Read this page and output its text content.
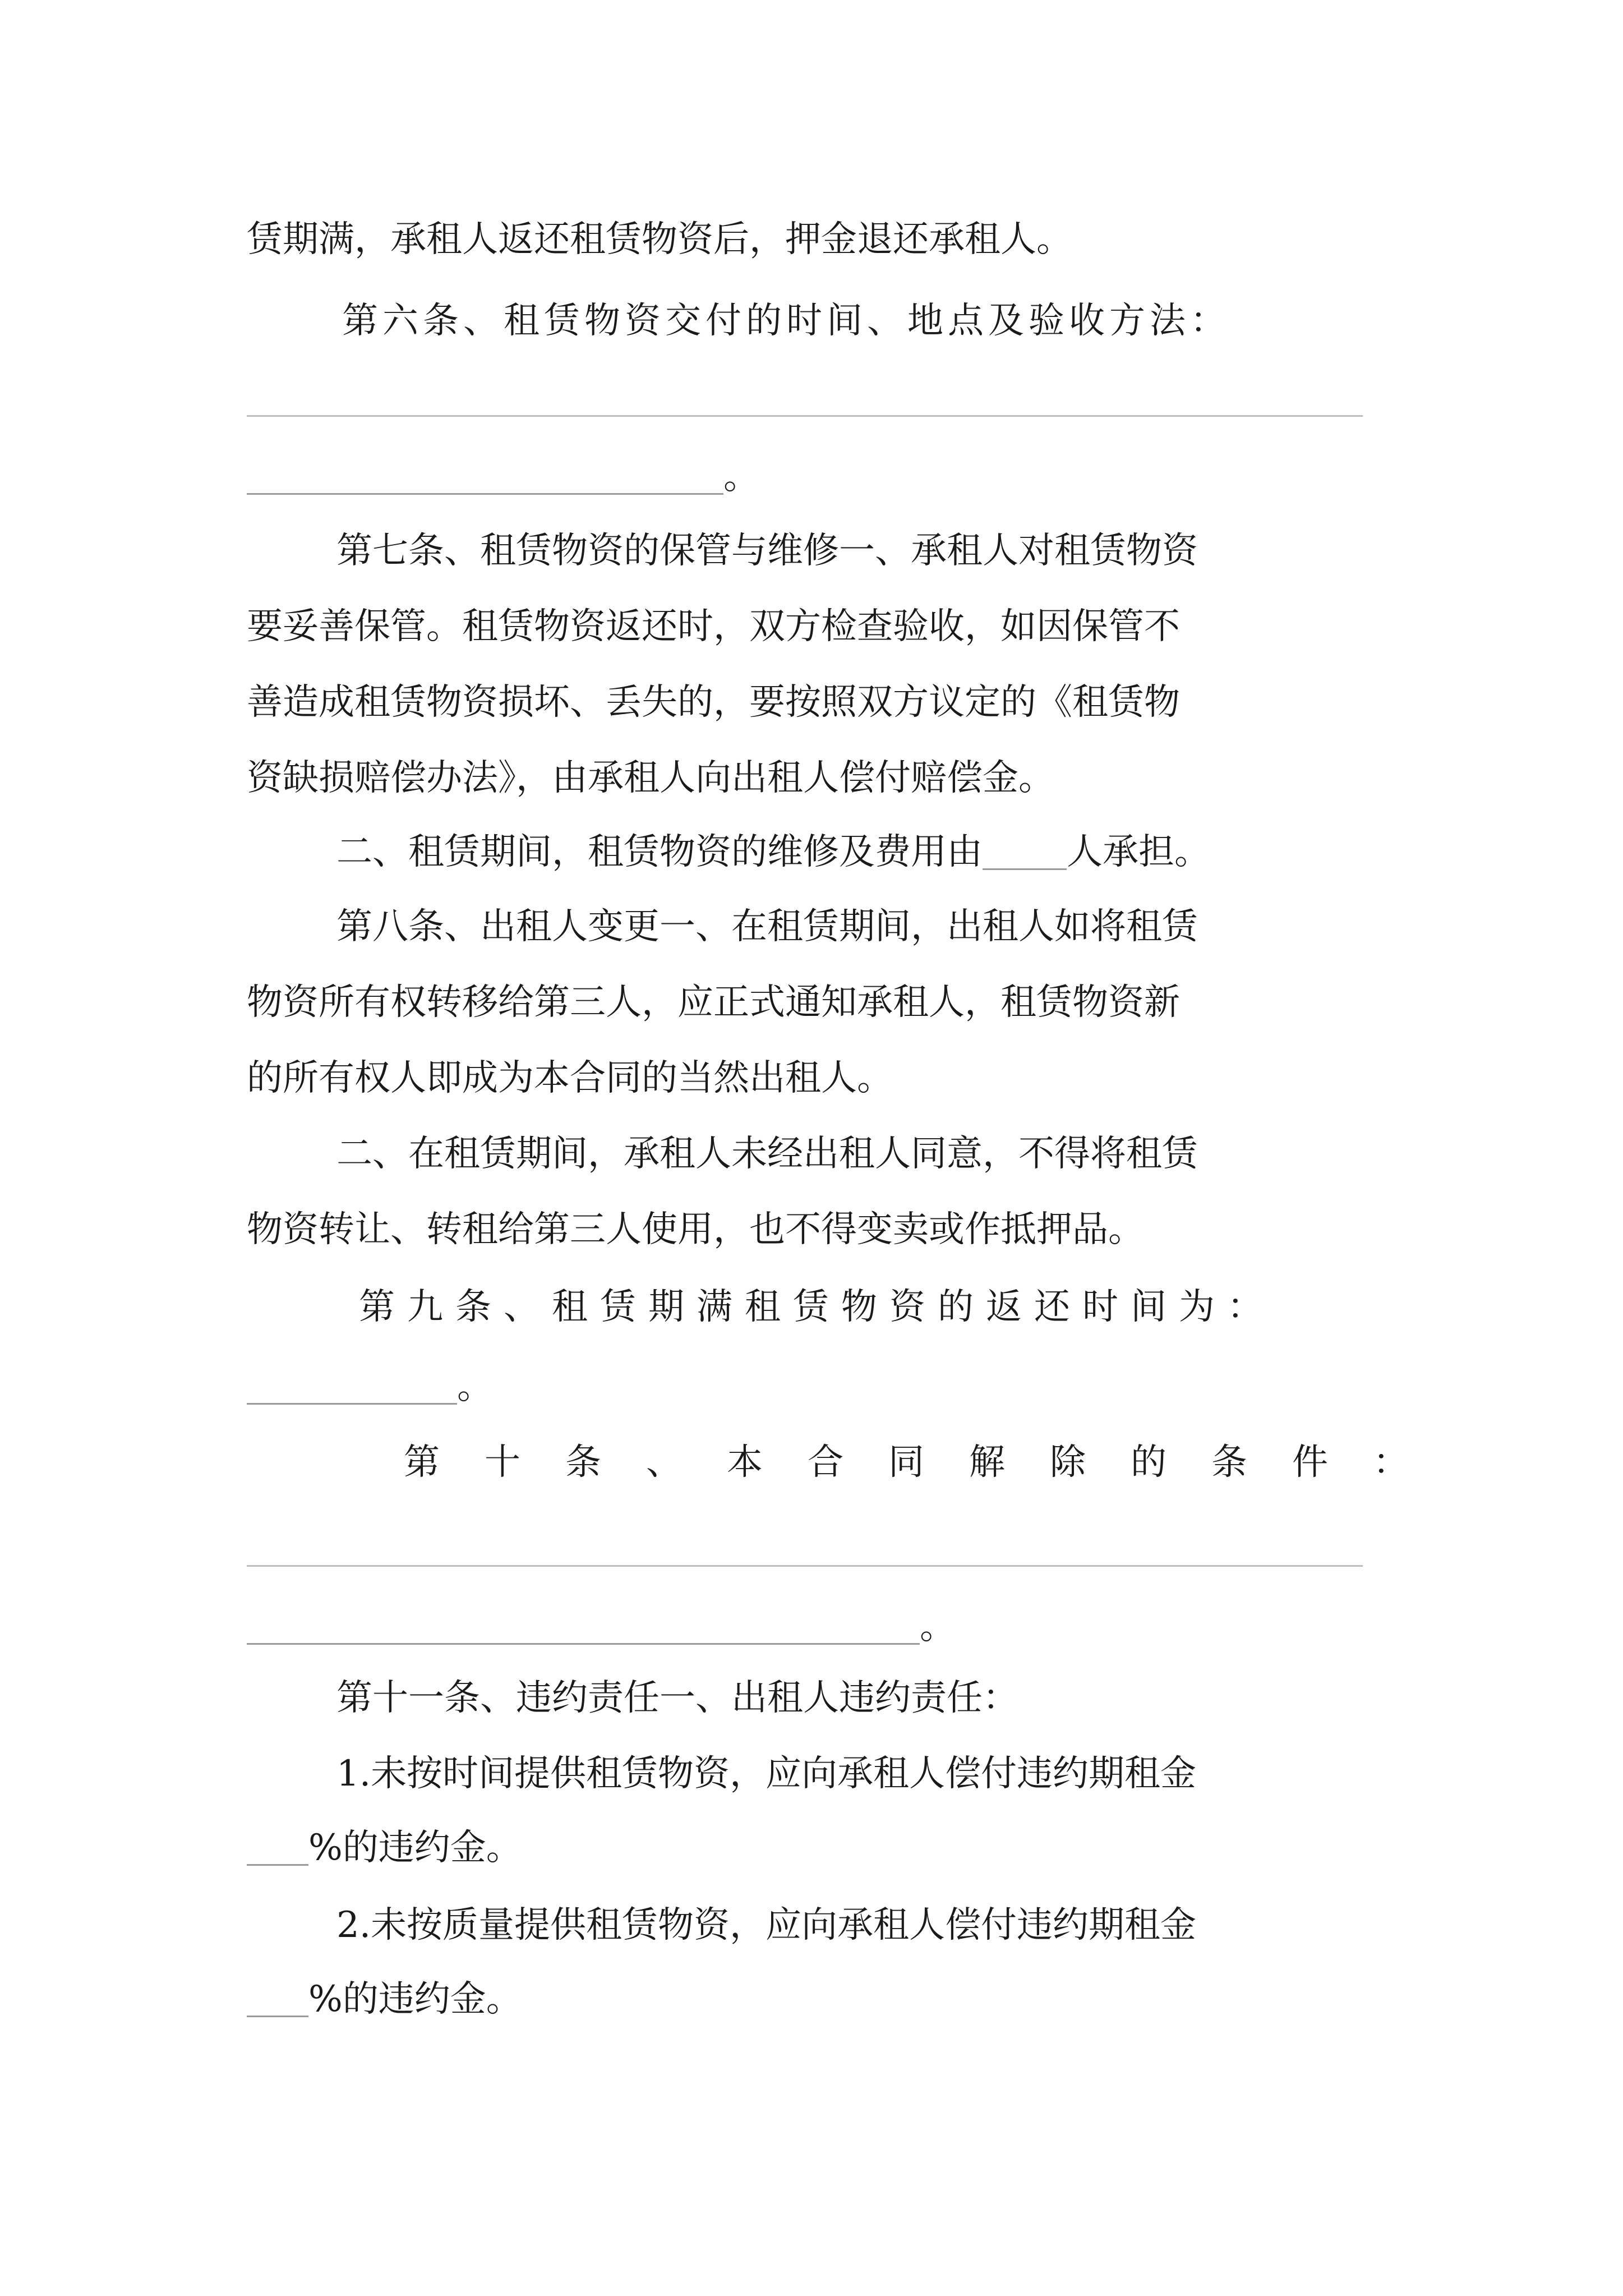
赁期满，承租人返还租赁物资后，押金退还承租人。
第六条、租赁物资交付的时间、地点及验收方法：
。
第七条、租赁物资的保管与维修一、承租人对租赁物资
要妥善保管。租赁物资返还时，双方检查验收，如因保管不
善造成租赁物资损坏、丢失的，要按照双方议定的《租赁物
资缺损赔偿办法》，由承租人向出租人偿付赔偿金。
二、租赁期间，租赁物资的维修及费用由 人承担。
第八条、出租人变更一、在租赁期间，出租人如将租赁
物资所有权转移给第三人，应正式通知承租人，租赁物资新
的所有权人即成为本合同的当然出租人。
二、在租赁期间，承租人未经出租人同意，不得将租赁
物资转让、转租给第三人使用，也不得变卖或作抵押品。
第九条、租赁期满租赁物资的返还时间为：
。
第十条、本合同解除的条件：
。
第十一条、违约责任一、出租人违约责任：
1.未按时间提供租赁物资，应向承租人偿付违约期租金
%的违约金。
2.未按质量提供租赁物资，应向承租人偿付违约期租金
%的违约金。
